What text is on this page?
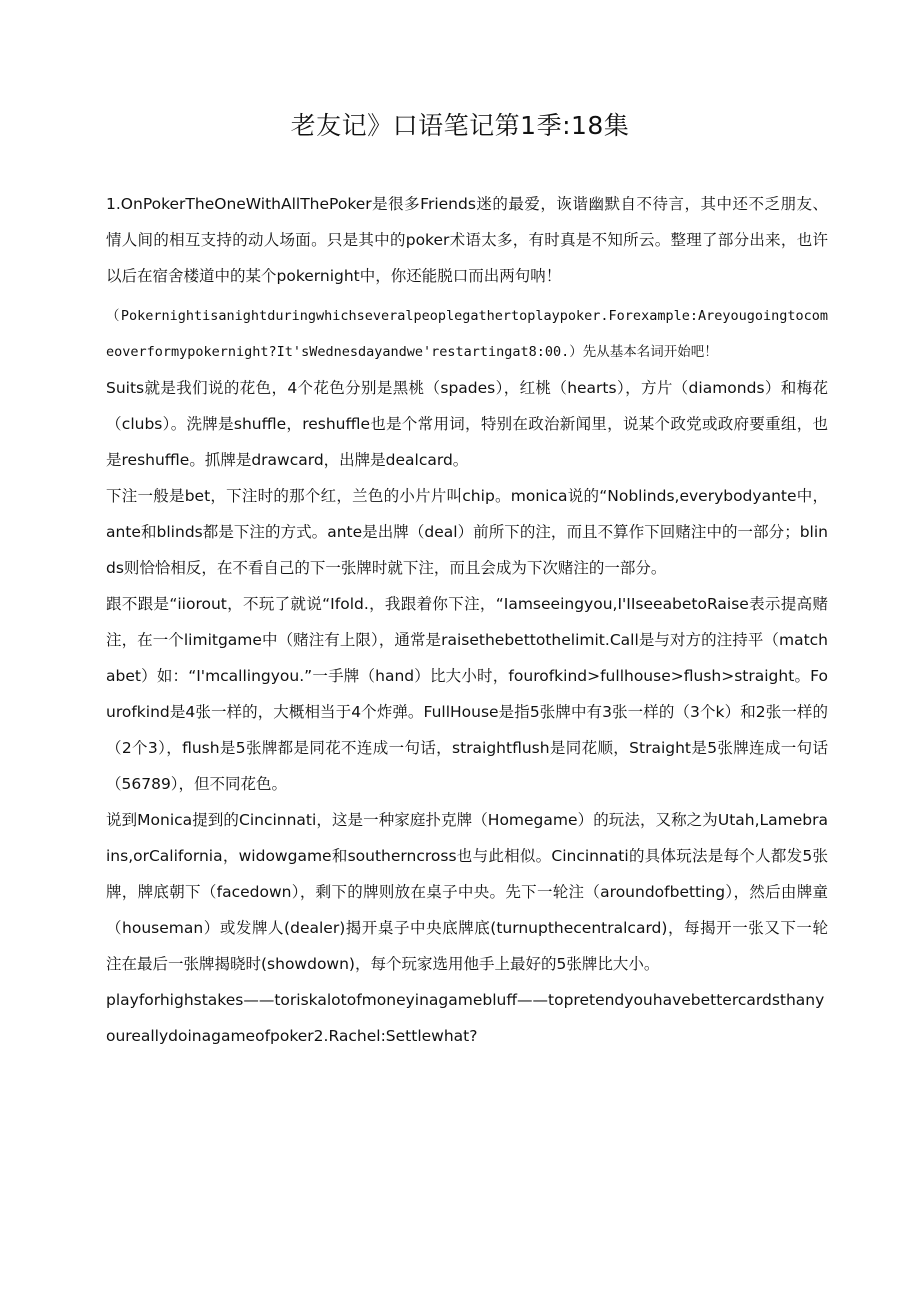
老友记》口语笔记第1季:18集

1.OnPokerTheOneWithAllThePoker是很多Friends迷的最爱，诙谐幽默自不待言，其中还不乏朋友、情人间的相互支持的动人场面。只是其中的poker术语太多，有时真是不知所云。整理了部分出来，也许以后在宿舍楼道中的某个pokernight中，你还能脱口而出两句呐！

（Pokernightisanightduringwhichseveralpeoplegathertoplaypoker.Forexample:Areyougoingtocomeoverformypokernight?It'sWednesdayandwe'restartingat8:00.）先从基本名词开始吧！

Suits就是我们说的花色，4个花色分别是黑桃（spades），红桃（hearts），方片（diamonds）和梅花（clubs）。洗牌是shuffle，reshuffle也是个常用词，特别在政治新闻里，说某个政党或政府要重组，也是reshuffle。抓牌是drawcard，出牌是dealcard。

下注一般是bet，下注时的那个红，兰色的小片片叫chip。monica说的“Noblinds,everybodyante中，ante和blinds都是下注的方式。ante是出牌（deal）前所下的注，而且不算作下回赌注中的一部分；blinds则恰恰相反，在不看自己的下一张牌时就下注，而且会成为下次赌注的一部分。

跟不跟是“iiorout，不玩了就说“Ifold.，我跟着你下注，“Iamseeingyou,I'IIseeabetoRaise表示提高赌注，在一个limitgame中（赌注有上限），通常是raisethebettothelimit.Call是与对方的注持平（matchabet）如：“I'mcallingyou.”一手牌（hand）比大小时，fourofkind>fullhouse>flush>straight。Fourofkind是4张一样的，大概相当于4个炸弹。FullHouse是指5张牌中有3张一样的（3个k）和2张一样的（2个3），flush是5张牌都是同花不连成一句话，straightflush是同花顺，Straight是5张牌连成一句话（56789），但不同花色。

说到Monica提到的Cincinnati，这是一种家庭扑克牌（Homegame）的玩法，又称之为Utah,Lamebrains,orCalifornia，widowgame和southerncross也与此相似。Cincinnati的具体玩法是每个人都发5张牌，牌底朝下（facedown），剩下的牌则放在桌子中央。先下一轮注（aroundofbetting），然后由牌童（houseman）或发牌人(dealer)揭开桌子中央底牌底(turnupthecentralcard)，每揭开一张又下一轮注在最后一张牌揭晓时(showdown)，每个玩家选用他手上最好的5张牌比大小。

playforhighstakes——toriskalotofmoneyinagamebluff——topretendyouhavebettercardsthanyoureallydoinagameofpoker2.Rachel:Settlewhat?
